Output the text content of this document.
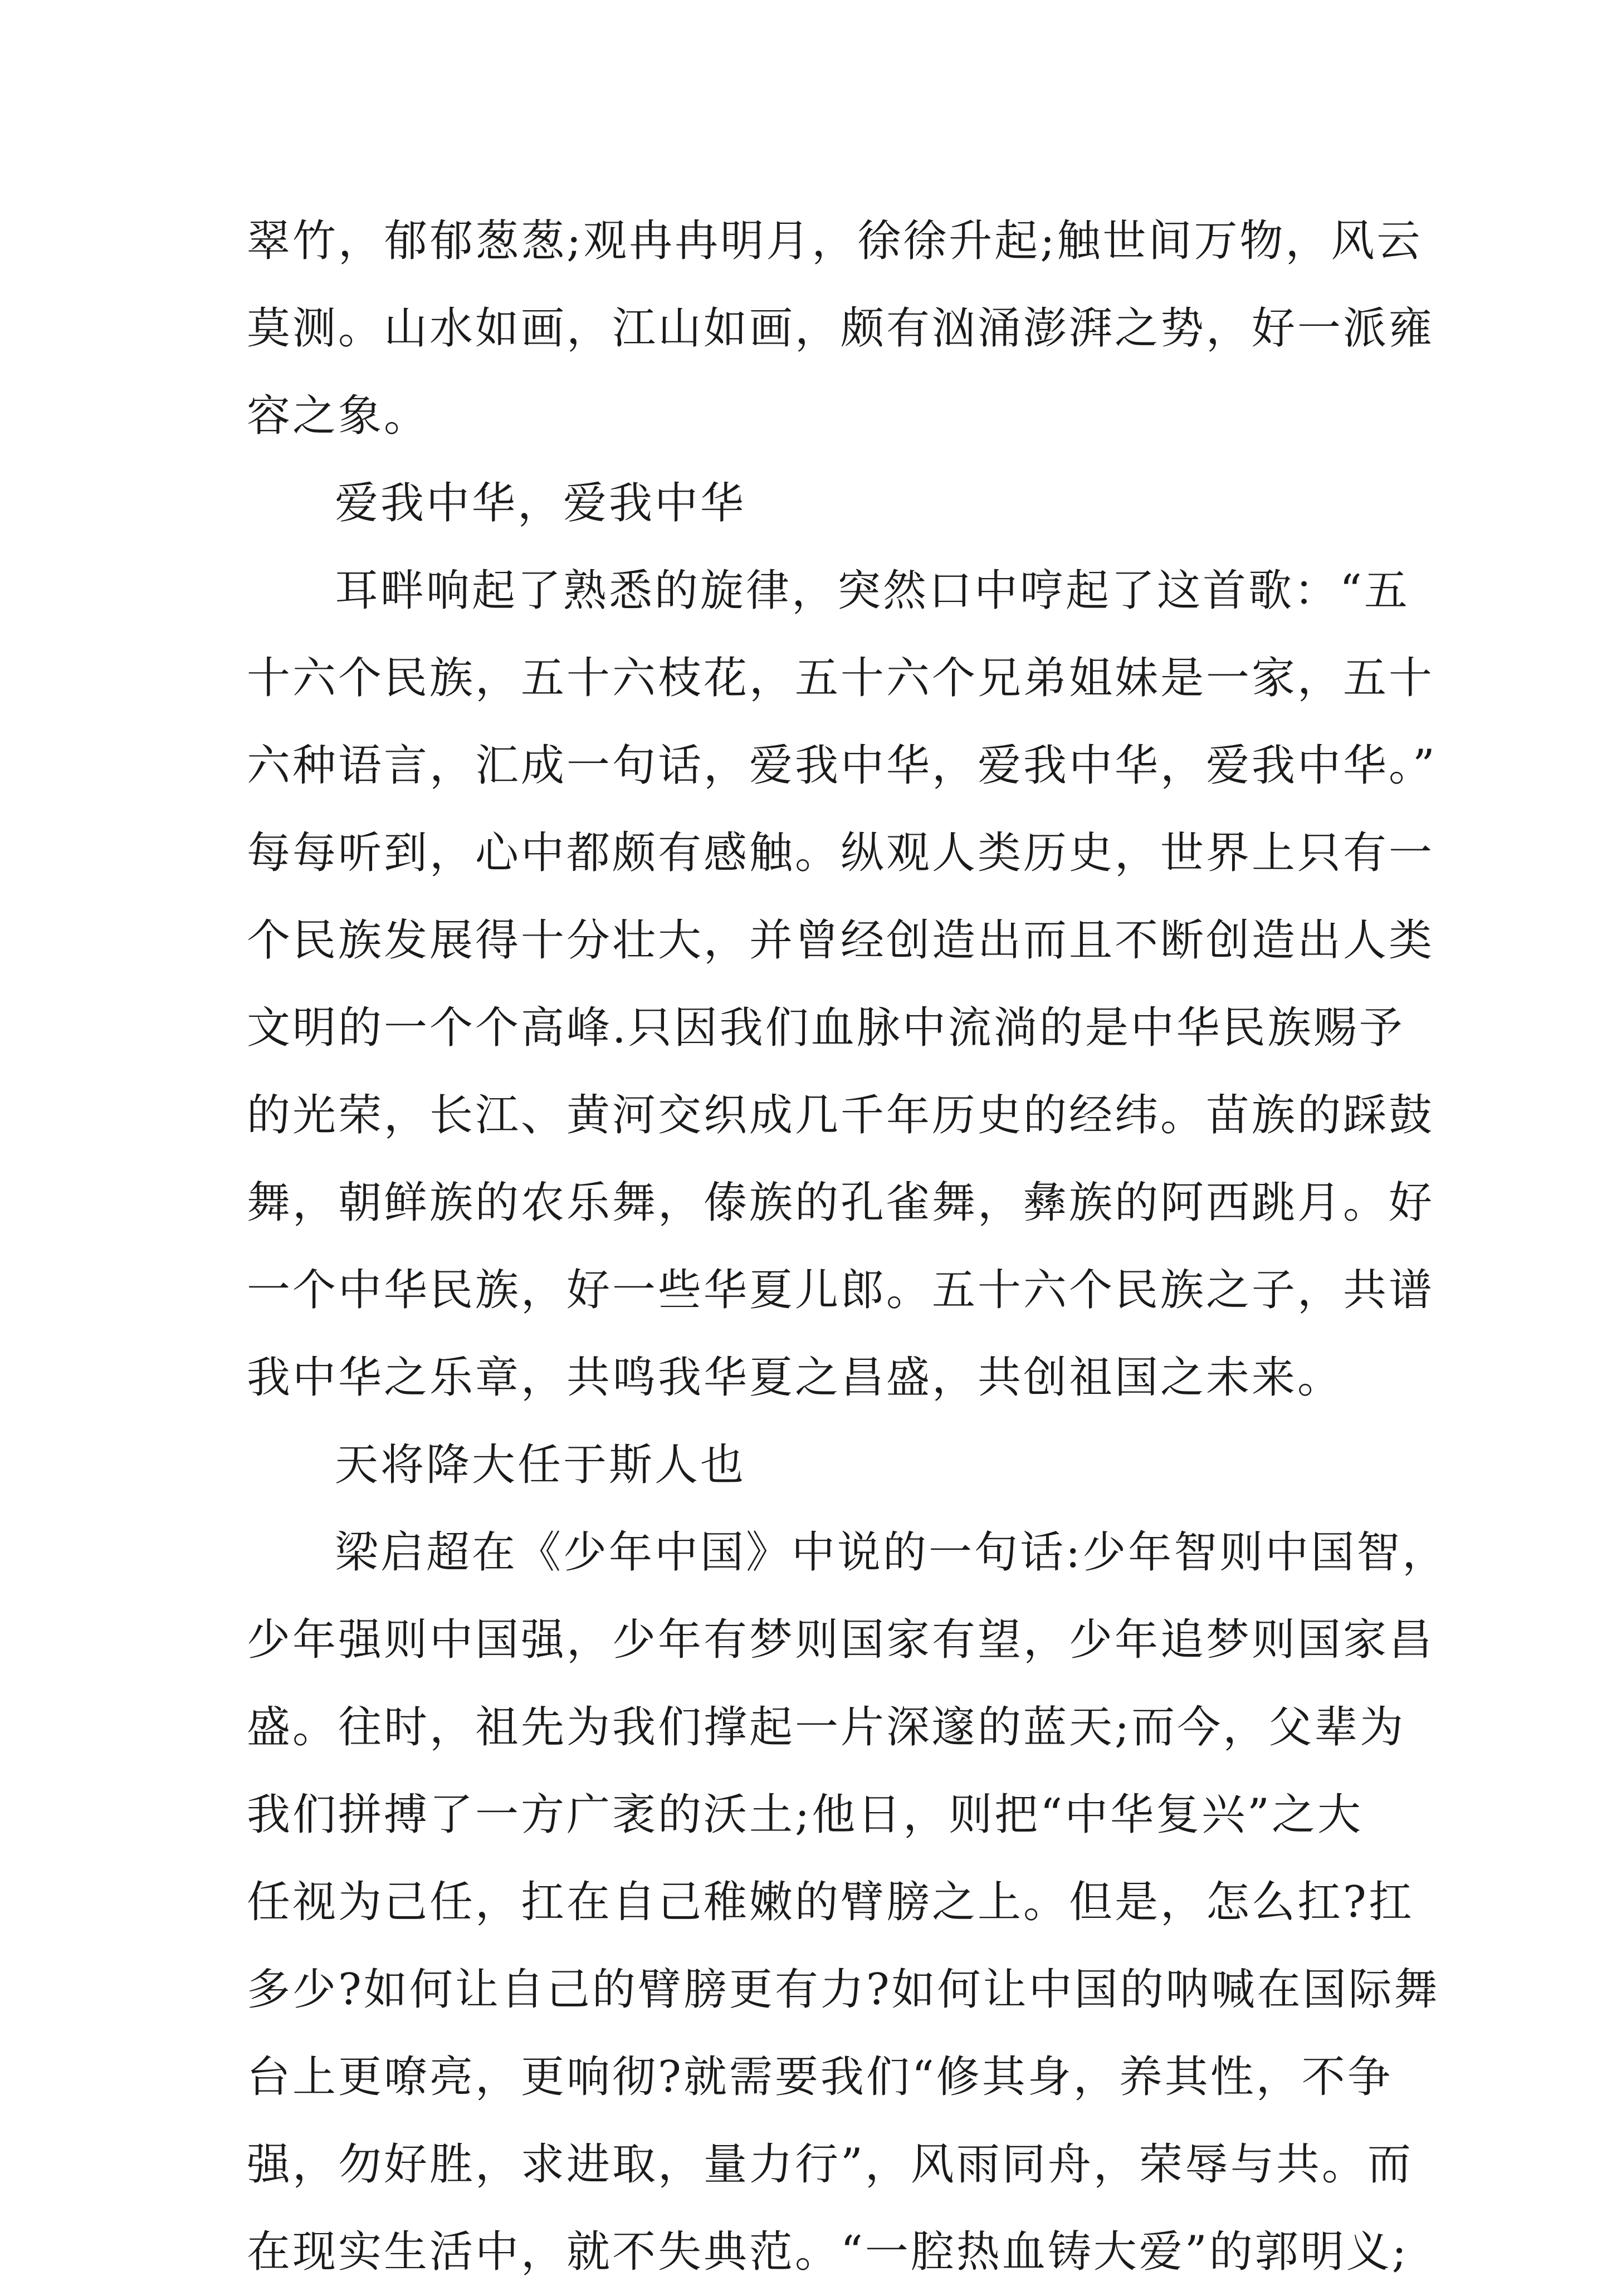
翠竹，郁郁葱葱;观冉冉明月，徐徐升起;触世间万物，风云
莫测。山水如画，江山如画，颇有汹涌澎湃之势，好一派雍
容之象。
爱我中华，爱我中华
耳畔响起了熟悉的旋律，突然口中哼起了这首歌：“五
十六个民族，五十六枝花，五十六个兄弟姐妹是一家，五十
六种语言，汇成一句话，爱我中华，爱我中华，爱我中华。”
每每听到，心中都颇有感触。纵观人类历史，世界上只有一
个民族发展得十分壮大，并曾经创造出而且不断创造出人类
文明的一个个高峰.只因我们血脉中流淌的是中华民族赐予
的光荣，长江、黄河交织成几千年历史的经纬。苗族的踩鼓
舞，朝鲜族的农乐舞，傣族的孔雀舞，彝族的阿西跳月。好
一个中华民族，好一些华夏儿郎。五十六个民族之子，共谱
我中华之乐章，共鸣我华夏之昌盛，共创祖国之未来。
天将降大任于斯人也
梁启超在《少年中国》中说的一句话:少年智则中国智，
少年强则中国强，少年有梦则国家有望，少年追梦则国家昌
盛。往时，祖先为我们撑起一片深邃的蓝天;而今，父辈为
我们拼搏了一方广袤的沃土;他日，则把“中华复兴”之大
任视为己任，扛在自己稚嫩的臂膀之上。但是，怎么扛?扛
多少?如何让自己的臂膀更有力?如何让中国的呐喊在国际舞
台上更嘹亮，更响彻?就需要我们“修其身，养其性，不争
强，勿好胜，求进取，量力行”，风雨同舟，荣辱与共。而
在现实生活中，就不失典范。“一腔热血铸大爱”的郭明义;
